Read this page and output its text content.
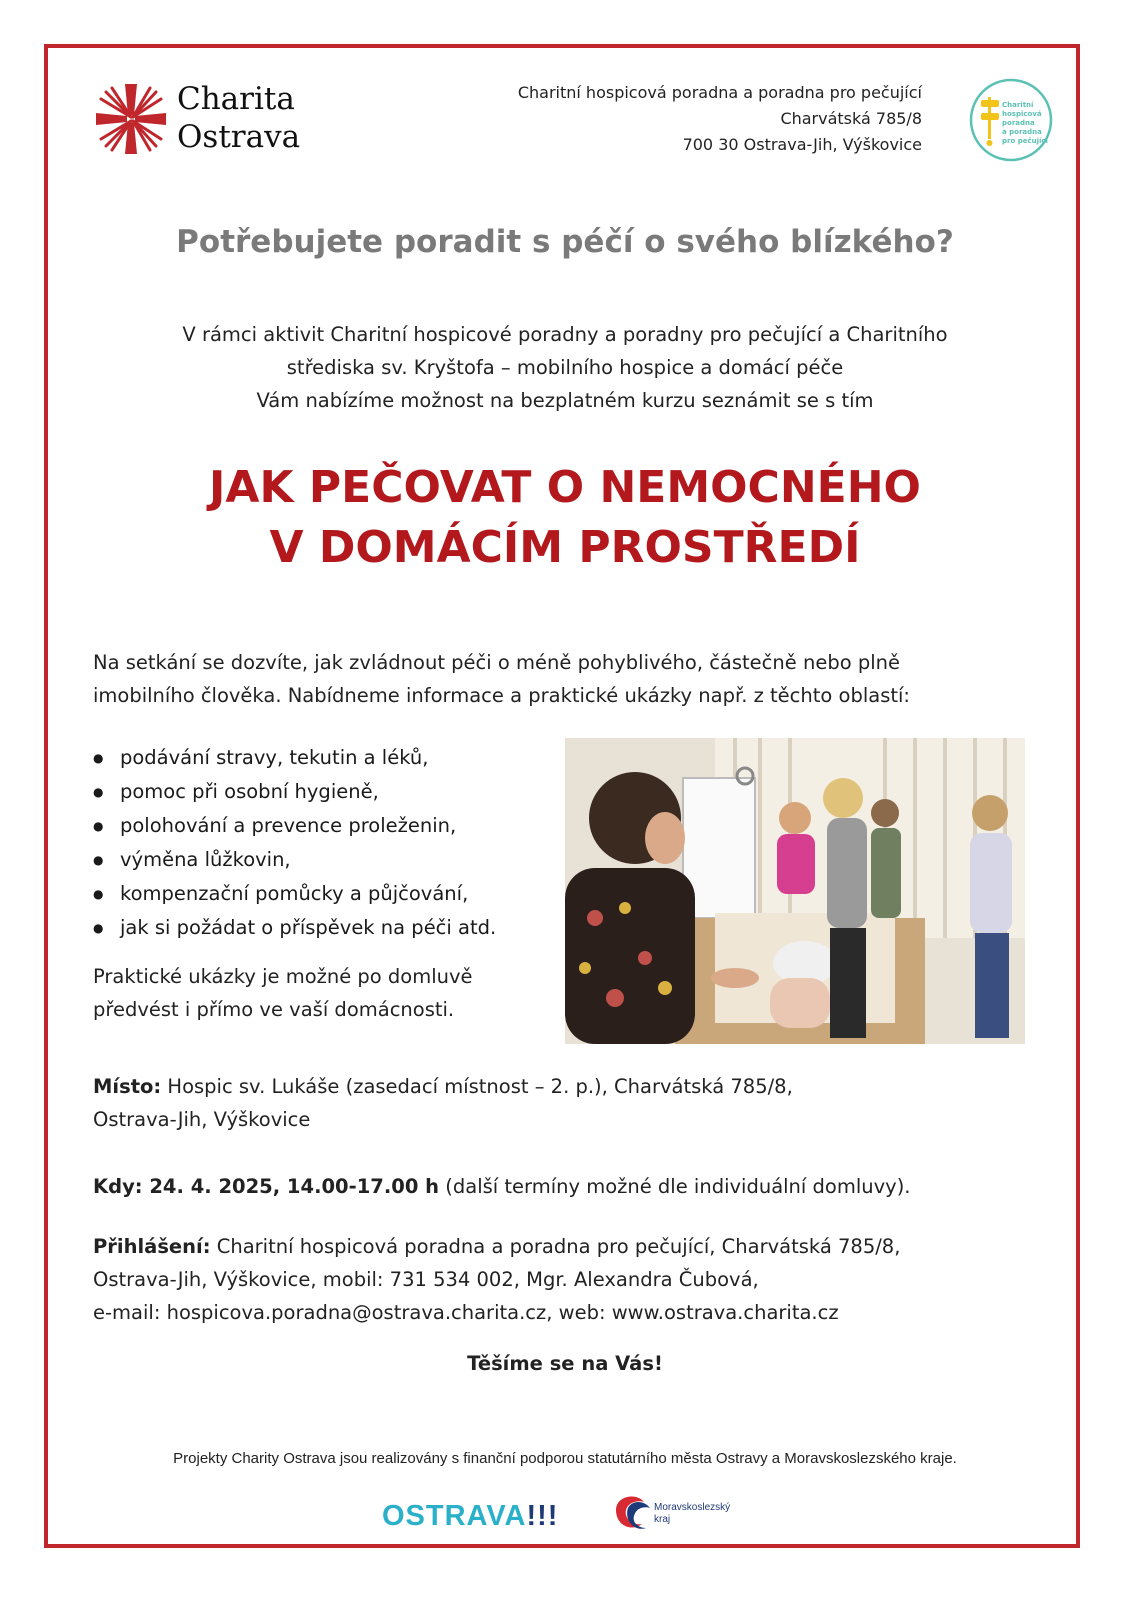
Charita
Ostrava
Charitní hospicová poradna a poradna pro pečující
Charvátská 785/8
700 30 Ostrava-Jih, Výškovice
Charitní
hospicová
poradna
a poradna
pro pečující
Potřebujete poradit s péčí o svého blízkého?
V rámci aktivit Charitní hospicové poradny a poradny pro pečující a Charitního
střediska sv. Kryštofa – mobilního hospice a domácí péče
Vám nabízíme možnost na bezplatném kurzu seznámit se s tím
JAK PEČOVAT O NEMOCNÉHO
V DOMÁCÍM PROSTŘEDÍ
Na setkání se dozvíte, jak zvládnout péči o méně pohyblivého, částečně nebo plně
imobilního člověka. Nabídneme informace a praktické ukázky např. z těchto oblastí:
● podávání stravy, tekutin a léků,
● pomoc při osobní hygieně,
● polohování a prevence proleženin,
● výměna lůžkovin,
● kompenzační pomůcky a půjčování,
● jak si požádat o příspěvek na péči atd.
Praktické ukázky je možné po domluvě
předvést i přímo ve vaší domácnosti.
Místo: Hospic sv. Lukáše (zasedací místnost – 2. p.), Charvátská 785/8,
Ostrava-Jih, Výškovice
Kdy: 24. 4. 2025, 14.00-17.00 h (další termíny možné dle individuální domluvy).
Přihlášení: Charitní hospicová poradna a poradna pro pečující, Charvátská 785/8,
Ostrava-Jih, Výškovice, mobil: 731 534 002, Mgr. Alexandra Čubová,
e-mail: hospicova.poradna@ostrava.charita.cz, web: www.ostrava.charita.cz
Těšíme se na Vás!
Projekty Charity Ostrava jsou realizovány s finanční podporou statutárního města Ostravy a Moravskoslezského kraje.
OSTRAVA!!!	Moravskoslezský
kraj
